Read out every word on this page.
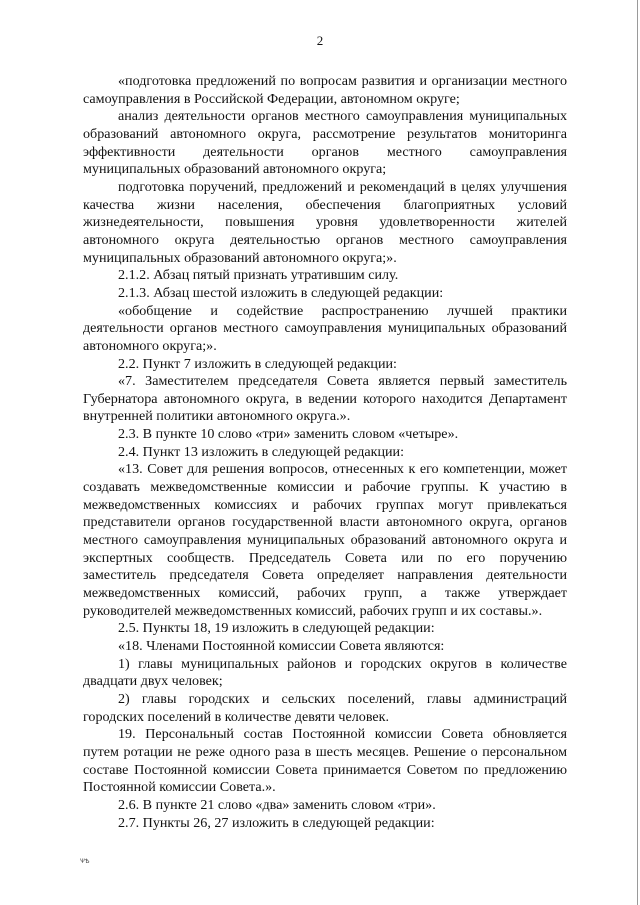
2

«подготовка предложений по вопросам развития и организации местного самоуправления в Российской Федерации, автономном округе;

анализ деятельности органов местного самоуправления муниципальных образований автономного округа, рассмотрение результатов мониторинга эффективности деятельности органов местного самоуправления муниципальных образований автономного округа;

подготовка поручений, предложений и рекомендаций в целях улучшения качества жизни населения, обеспечения благоприятных условий жизнедеятельности, повышения уровня удовлетворенности жителей автономного округа деятельностью органов местного самоуправления муниципальных образований автономного округа;».

2.1.2. Абзац пятый признать утратившим силу.

2.1.3. Абзац шестой изложить в следующей редакции:

«обобщение и содействие распространению лучшей практики деятельности органов местного самоуправления муниципальных образований автономного округа;».

2.2. Пункт 7 изложить в следующей редакции:

«7. Заместителем председателя Совета является первый заместитель Губернатора автономного округа, в ведении которого находится Департамент внутренней политики автономного округа.».

2.3. В пункте 10 слово «три» заменить словом «четыре».

2.4. Пункт 13 изложить в следующей редакции:

«13. Совет для решения вопросов, отнесенных к его компетенции, может создавать межведомственные комиссии и рабочие группы. К участию в межведомственных комиссиях и рабочих группах могут привлекаться представители органов государственной власти автономного округа, органов местного самоуправления муниципальных образований автономного округа и экспертных сообществ. Председатель Совета или по его поручению заместитель председателя Совета определяет направления деятельности межведомственных комиссий, рабочих групп, а также утверждает руководителей межведомственных комиссий, рабочих групп и их составы.».

2.5. Пункты 18, 19 изложить в следующей редакции:

«18. Членами Постоянной комиссии Совета являются:

1) главы муниципальных районов и городских округов в количестве двадцати двух человек;

2) главы городских и сельских поселений, главы администраций городских поселений в количестве девяти человек.

19. Персональный состав Постоянной комиссии Совета обновляется путем ротации не реже одного раза в шесть месяцев. Решение о персональном составе Постоянной комиссии Совета принимается Советом по предложению Постоянной комиссии Совета.».

2.6. В пункте 21 слово «два» заменить словом «три».

2.7. Пункты 26, 27 изложить в следующей редакции:

ѰѢ
